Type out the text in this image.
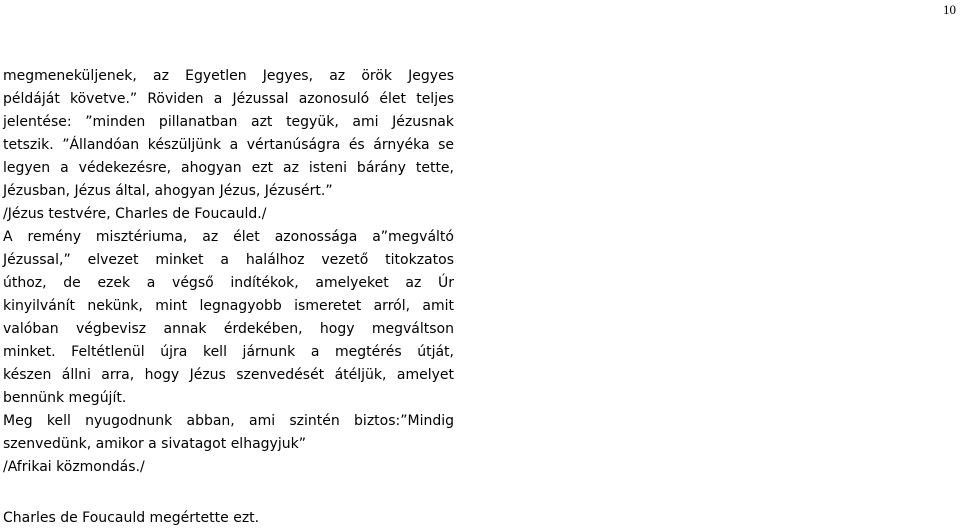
10
megmeneküljenek, az Egyetlen Jegyes, az örök Jegyes
példáját követve.” Röviden a Jézussal azonosuló élet teljes
jelentése: ”minden pillanatban azt tegyük, ami Jézusnak
tetszik. ”Állandóan készüljünk a vértanúságra és árnyéka se
legyen a védekezésre, ahogyan ezt az isteni bárány tette,
Jézusban, Jézus által, ahogyan Jézus, Jézusért.”
/Jézus testvére, Charles de Foucauld./
A remény misztériuma, az élet azonossága a”megváltó
Jézussal,” elvezet minket a halálhoz vezető titokzatos
úthoz, de ezek a végső indítékok, amelyeket az Úr
kinyilvánít nekünk, mint legnagyobb ismeretet arról, amit
valóban végbevisz annak érdekében, hogy megváltson
minket. Feltétlenül újra kell járnunk a megtérés útját,
készen állni arra, hogy Jézus szenvedését átéljük, amelyet
bennünk megújít.
Meg kell nyugodnunk abban, ami szintén biztos:”Mindig
szenvedünk, amikor a sivatagot elhagyjuk”
/Afrikai közmondás./
Charles de Foucauld megértette ezt.
